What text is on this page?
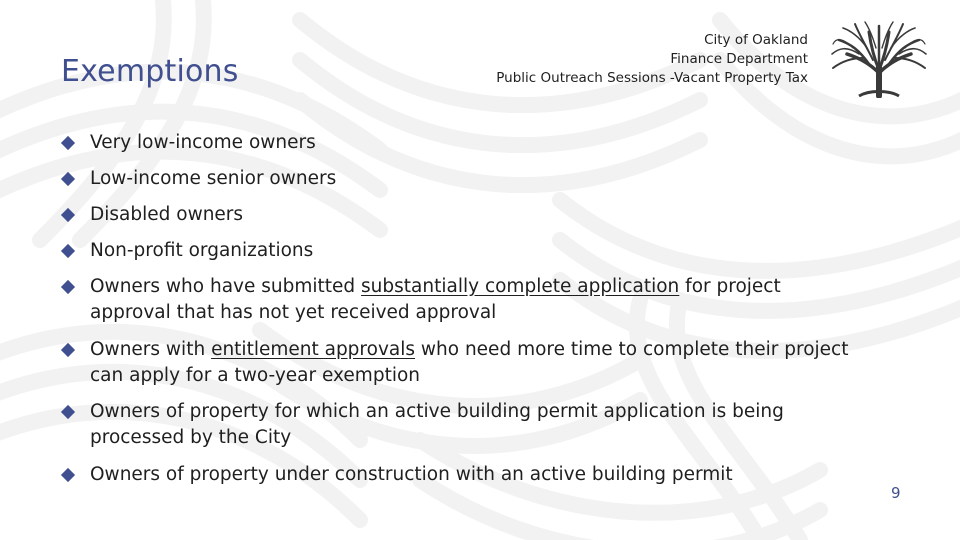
Exemptions
City of Oakland
Finance Department
Public Outreach Sessions -Vacant Property Tax
Very low-income owners
Low-income senior owners
Disabled owners
Non-profit organizations
Owners who have submitted substantially complete application for project approval that has not yet received approval
Owners with entitlement approvals who need more time to complete their project can apply for a two-year exemption
Owners of property for which an active building permit application is being processed by the City
Owners of property under construction with an active building permit
9
